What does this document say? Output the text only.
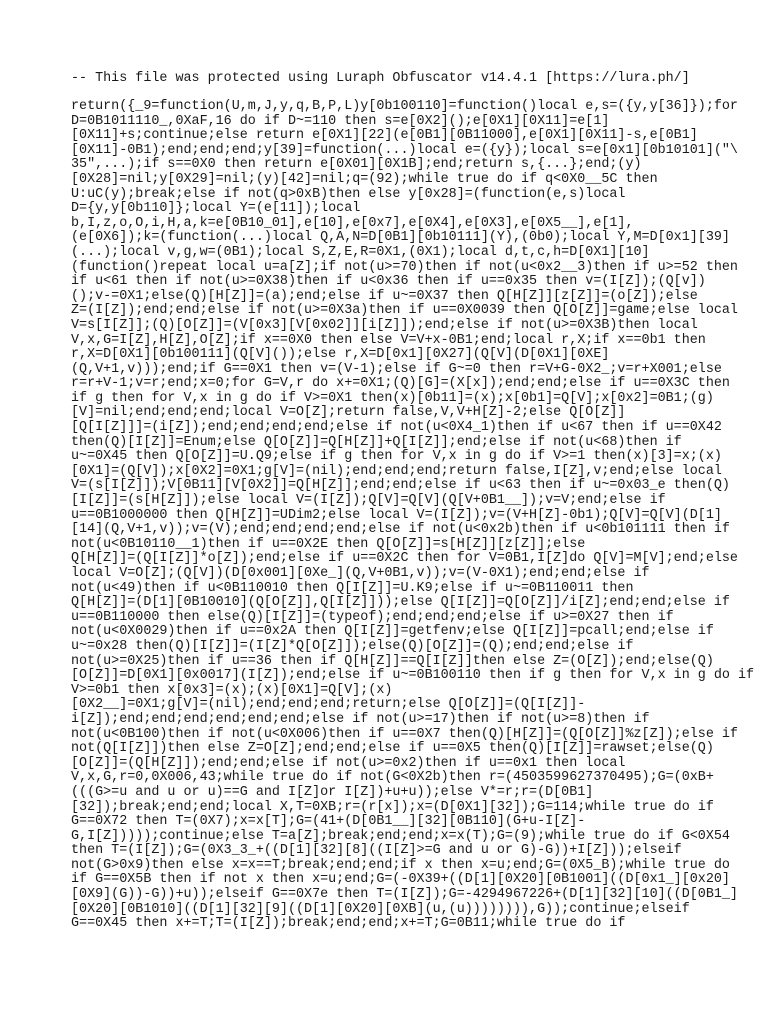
-- This file was protected using Luraph Obfuscator v14.4.1 [https://lura.ph/]
return({_9=function(U,m,J,y,q,B,P,L)y[0b100110]=function()local e,s=({y,y[36]});for
D=0B1011110_,0XaF,16 do if D~=110 then s=e[0X2]();e[0X1][0X11]=e[1]
[0X11]+s;continue;else return e[0X1][22](e[0B1][0B11000],e[0X1][0X11]-s,e[0B1]
[0X11]-0B1);end;end;end;y[39]=function(...)local e=({y});local s=e[0x1][0b10101]("\
35",...);if s==0X0 then return e[0X01][0X1B];end;return s,{...};end;(y)
[0X28]=nil;y[0X29]=nil;(y)[42]=nil;q=(92);while true do if q<0X0__5C then
U:uC(y);break;else if not(q>0xB)then else y[0x28]=(function(e,s)local
D={y,y[0b110]};local Y=(e[11]);local
b,I,z,o,O,i,H,a,k=e[0B10_01],e[10],e[0x7],e[0X4],e[0X3],e[0X5__],e[1],
(e[0X6]);k=(function(...)local Q,A,N=D[0B1][0b10111](Y),(0b0);local Y,M=D[0x1][39]
(...);local v,g,w=(0B1);local S,Z,E,R=0X1,(0X1);local d,t,c,h=D[0X1][10]
(function()repeat local u=a[Z];if not(u>=70)then if not(u<0x2__3)then if u>=52 then
if u<61 then if not(u>=0X38)then if u<0x36 then if u==0x35 then v=(I[Z]);(Q[v])
();v-=0X1;else(Q)[H[Z]]=(a);end;else if u~=0X37 then Q[H[Z]][z[Z]]=(o[Z]);else
Z=(I[Z]);end;end;else if not(u>=0X3a)then if u==0X0039 then Q[O[Z]]=game;else local
V=s[I[Z]];(Q)[O[Z]]=(V[0x3][V[0x02]][i[Z]]);end;else if not(u>=0X3B)then local
V,x,G=I[Z],H[Z],O[Z];if x==0X0 then else V=V+x-0B1;end;local r,X;if x==0b1 then
r,X=D[0X1][0b100111](Q[V]());else r,X=D[0x1][0X27](Q[V](D[0X1][0XE]
(Q,V+1,v)));end;if G==0X1 then v=(V-1);else if G~=0 then r=V+G-0X2_;v=r+X001;else
r=r+V-1;v=r;end;x=0;for G=V,r do x+=0X1;(Q)[G]=(X[x]);end;end;else if u==0X3C then
if g then for V,x in g do if V>=0X1 then(x)[0b11]=(x);x[0b1]=Q[V];x[0x2]=0B1;(g)
[V]=nil;end;end;end;local V=O[Z];return false,V,V+H[Z]-2;else Q[O[Z]]
[Q[I[Z]]]=(i[Z]);end;end;end;end;else if not(u<0X4_1)then if u<67 then if u==0X42
then(Q)[I[Z]]=Enum;else Q[O[Z]]=Q[H[Z]]+Q[I[Z]];end;else if not(u<68)then if
u~=0X45 then Q[O[Z]]=U.Q9;else if g then for V,x in g do if V>=1 then(x)[3]=x;(x)
[0X1]=(Q[V]);x[0X2]=0X1;g[V]=(nil);end;end;end;return false,I[Z],v;end;else local
V=(s[I[Z]]);V[0B11][V[0X2]]=Q[H[Z]];end;end;else if u<63 then if u~=0x03_e then(Q)
[I[Z]]=(s[H[Z]]);else local V=(I[Z]);Q[V]=Q[V](Q[V+0B1__]);v=V;end;else if
u==0B1000000 then Q[H[Z]]=UDim2;else local V=(I[Z]);v=(V+H[Z]-0b1);Q[V]=Q[V](D[1]
[14](Q,V+1,v));v=(V);end;end;end;end;else if not(u<0x2b)then if u<0b101111 then if
not(u<0B10110__1)then if u==0X2E then Q[O[Z]]=s[H[Z]][z[Z]];else
Q[H[Z]]=(Q[I[Z]]*o[Z]);end;else if u==0X2C then for V=0B1,I[Z]do Q[V]=M[V];end;else
local V=O[Z];(Q[V])(D[0x001][0Xe_](Q,V+0B1,v));v=(V-0X1);end;end;else if
not(u<49)then if u<0B110010 then Q[I[Z]]=U.K9;else if u~=0B110011 then
Q[H[Z]]=(D[1][0B10010](Q[O[Z]],Q[I[Z]]));else Q[I[Z]]=Q[O[Z]]/i[Z];end;end;else if
u==0B110000 then else(Q)[I[Z]]=(typeof);end;end;end;else if u>=0X27 then if
not(u<0X0029)then if u==0x2A then Q[I[Z]]=getfenv;else Q[I[Z]]=pcall;end;else if
u~=0x28 then(Q)[I[Z]]=(I[Z]*Q[O[Z]]);else(Q)[O[Z]]=(Q);end;end;else if
not(u>=0X25)then if u==36 then if Q[H[Z]]==Q[I[Z]]then else Z=(O[Z]);end;else(Q)
[O[Z]]=D[0X1][0x0017](I[Z]);end;else if u~=0B100110 then if g then for V,x in g do if
V>=0b1 then x[0x3]=(x);(x)[0X1]=Q[V];(x)
[0X2__]=0X1;g[V]=(nil);end;end;end;return;else Q[O[Z]]=(Q[I[Z]]-
i[Z]);end;end;end;end;end;end;else if not(u>=17)then if not(u>=8)then if
not(u<0B100)then if not(u<0X006)then if u==0X7 then(Q)[H[Z]]=(Q[O[Z]]%z[Z]);else if
not(Q[I[Z]])then else Z=O[Z];end;end;else if u==0X5 then(Q)[I[Z]]=rawset;else(Q)
[O[Z]]=(Q[H[Z]]);end;end;else if not(u>=0x2)then if u==0x1 then local
V,x,G,r=0,0X006,43;while true do if not(G<0X2b)then r=(4503599627370495);G=(0xB+
(((G>=u and u or u)==G and I[Z]or I[Z])+u+u));else V*=r;r=(D[0B1]
[32]);break;end;end;local X,T=0XB;r=(r[x]);x=(D[0X1][32]);G=114;while true do if
G==0X72 then T=(0X7);x=x[T];G=(41+(D[0B1__][32][0B110](G+u-I[Z]-
G,I[Z]))));continue;else T=a[Z];break;end;end;x=x(T);G=(9);while true do if G<0X54
then T=(I[Z]);G=(0X3_3_+((D[1][32][8]((I[Z]>=G and u or G)-G))+I[Z]));elseif
not(G>0x9)then else x=x==T;break;end;end;if x then x=u;end;G=(0X5_B);while true do
if G==0X5B then if not x then x=u;end;G=(-0X39+((D[1][0X20][0B1001]((D[0x1_][0x20]
[0X9](G))-G))+u));elseif G==0X7e then T=(I[Z]);G=-4294967226+(D[1][32][10]((D[0B1_]
[0X20][0B1010]((D[1][32][9]((D[1][0X20][0XB](u,(u)))))))),G));continue;elseif
G==0X45 then x+=T;T=(I[Z]);break;end;end;x+=T;G=0B11;while true do if
